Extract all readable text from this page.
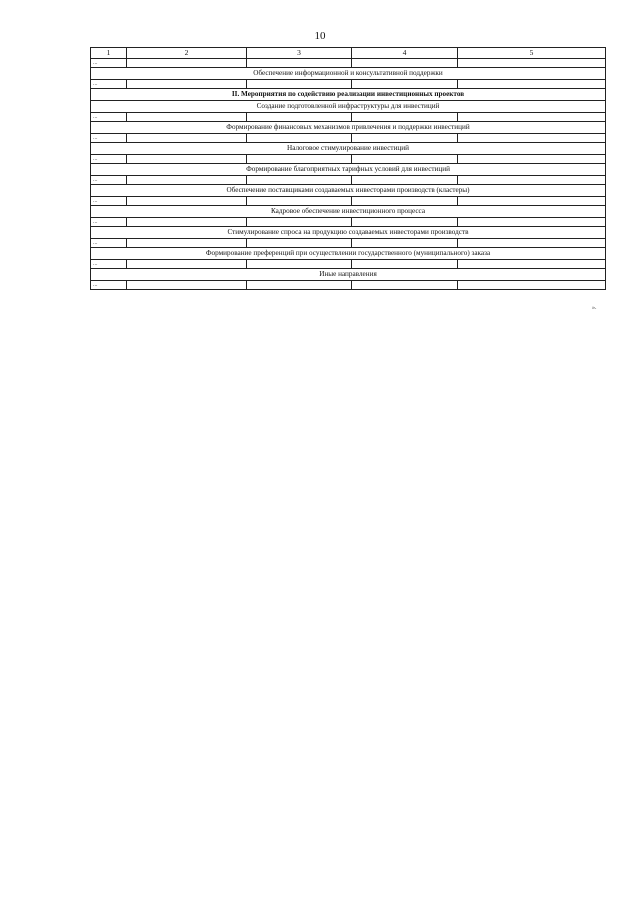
10
1	2	3	4	5
...				
Обеспечение информационной и консультативной поддержки				
...				
II. Мероприятия по содействию реализации инвестиционных проектов				
Создание подготовленной инфраструктуры для инвестиций				
...				
Формирование финансовых механизмов привлечения и поддержки инвестиций				
...				
Налоговое стимулирование инвестиций				
...				
Формирование благоприятных тарифных условий для инвестиций				
...				
Обеспечение поставщиками создаваемых инвесторами производств (кластеры)				
...				
Кадровое обеспечение инвестиционного процесса				
...				
Стимулирование спроса на продукцию создаваемых инвесторами производств				
...				
Формирование преференций при осуществлении государственного (муниципального) заказа				
...				
Иные направления				
...				
».
